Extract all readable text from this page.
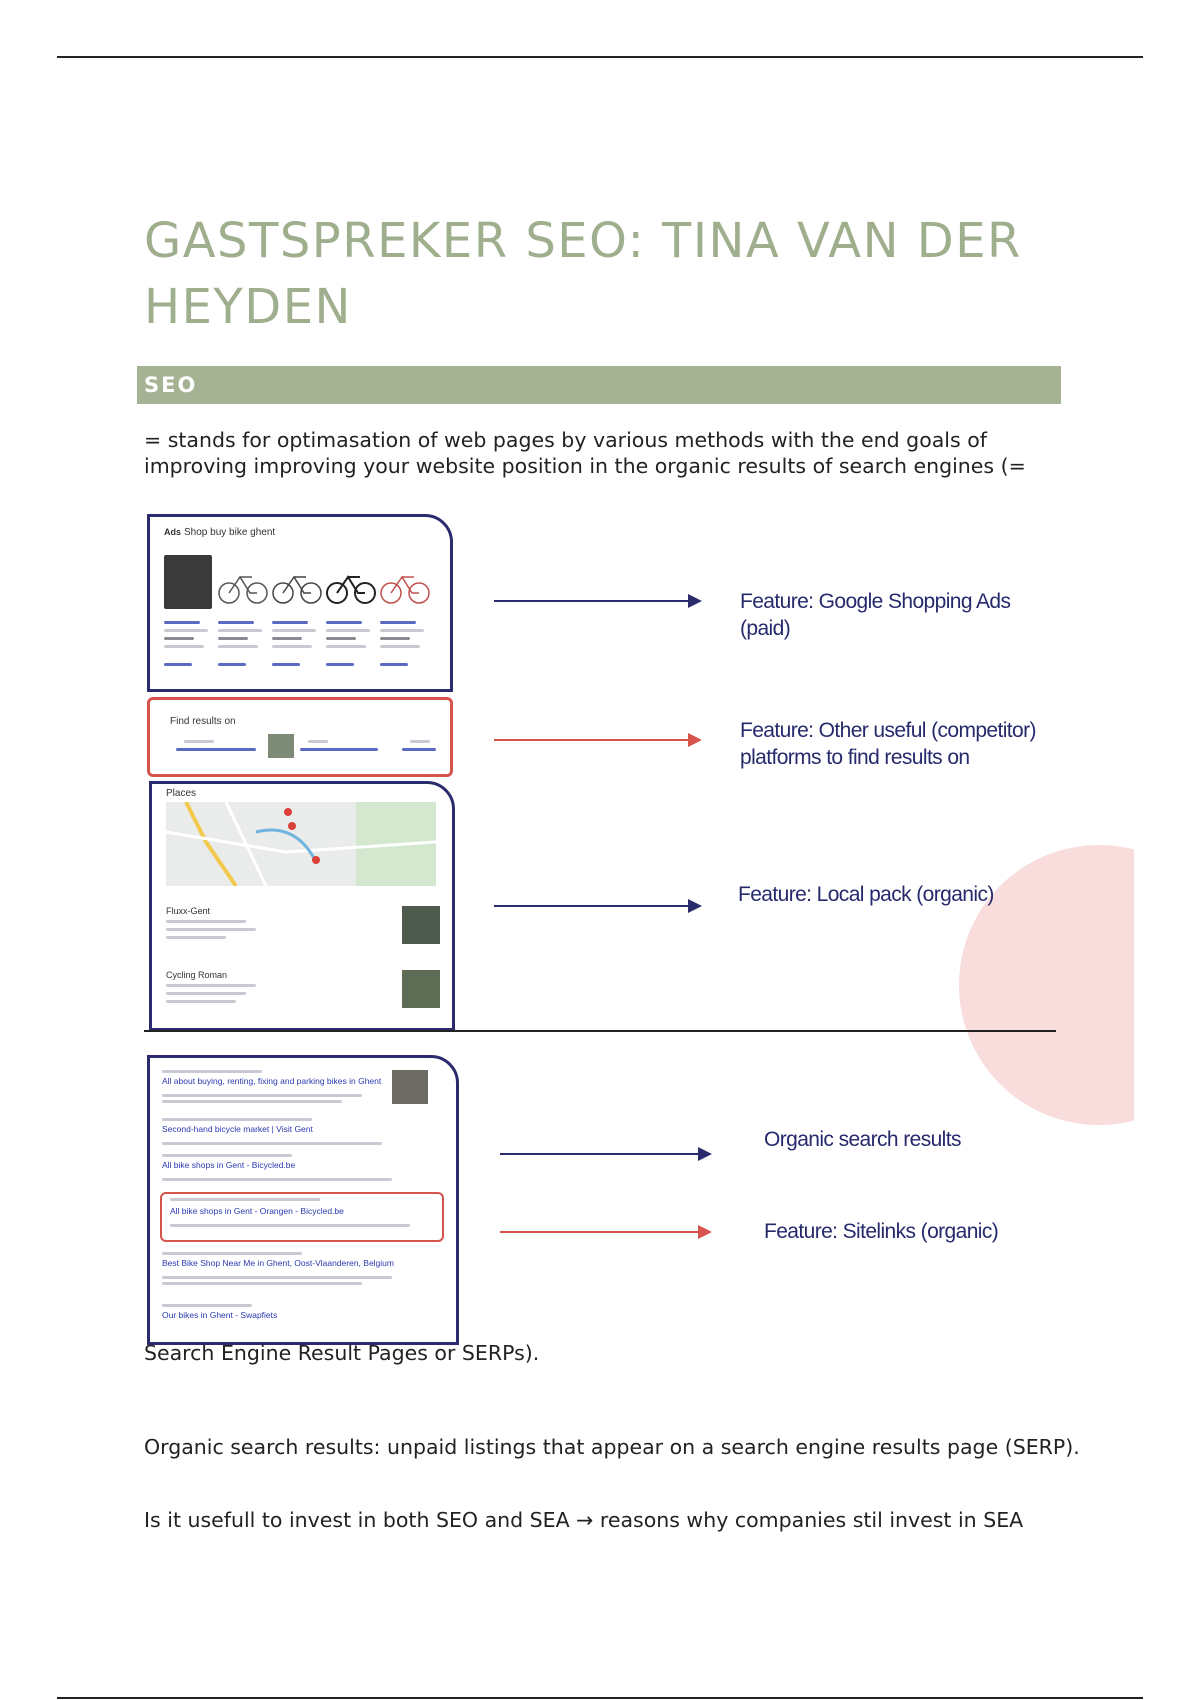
GASTSPREKER SEO: TINA VAN DER HEYDEN
SEO

= stands for optimasation of web pages by various methods with the end goals of improving improving your website position in the organic results of search engines (=

Ads Shop buy bike ghent
Find results on
Places
Fluxx-Gent
Cycling Roman
All about buying, renting, fixing and parking bikes in Ghent
Second-hand bicycle market | Visit Gent
All bike shops in Gent - Bicycled.be
All bike shops in Gent - Orangen - Bicycled.be
Best Bike Shop Near Me in Ghent, Oost-Vlaanderen, Belgium
Our bikes in Ghent - Swapfiets
Feature: Google Shopping Ads (paid)
Feature: Other useful (competitor) platforms to find results on
Feature: Local pack (organic)
Organic search results
Feature: Sitelinks (organic)

Search Engine Result Pages or SERPs).

Organic search results: unpaid listings that appear on a search engine results page (SERP).

Is it usefull to invest in both SEO and SEA → reasons why companies stil invest in SEA
